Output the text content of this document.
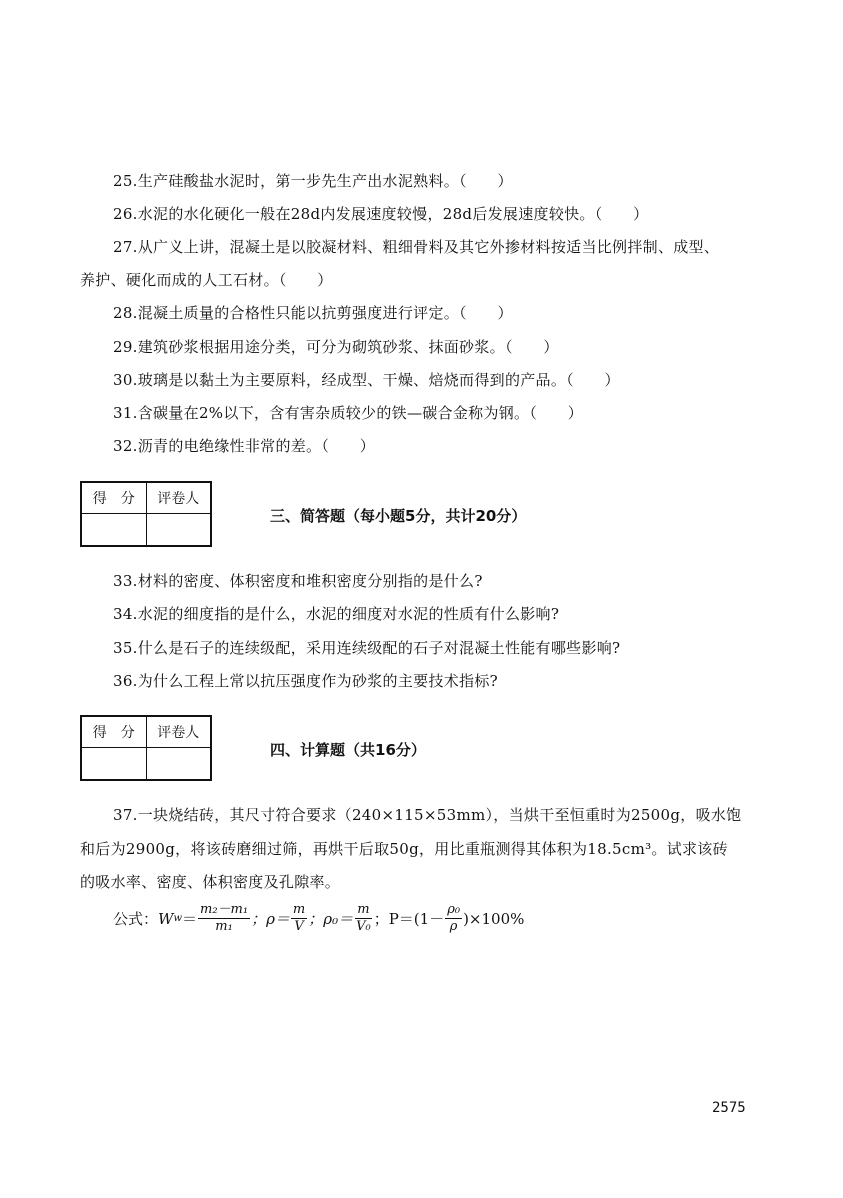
25.生产硅酸盐水泥时，第一步先生产出水泥熟料。（　　）
26.水泥的水化硬化一般在28d内发展速度较慢，28d后发展速度较快。（　　）
27.从广义上讲，混凝土是以胶凝材料、粗细骨料及其它外掺材料按适当比例拌制、成型、
养护、硬化而成的人工石材。（　　）
28.混凝土质量的合格性只能以抗剪强度进行评定。（　　）
29.建筑砂浆根据用途分类，可分为砌筑砂浆、抹面砂浆。（　　）
30.玻璃是以黏土为主要原料，经成型、干燥、焙烧而得到的产品。（　　）
31.含碳量在2%以下，含有害杂质较少的铁—碳合金称为钢。（　　）
32.沥青的电绝缘性非常的差。（　　）
得　分	评卷人

三、简答题（每小题5分，共计20分）
33.材料的密度、体积密度和堆积密度分别指的是什么?
34.水泥的细度指的是什么，水泥的细度对水泥的性质有什么影响?
35.什么是石子的连续级配，采用连续级配的石子对混凝土性能有哪些影响?
36.为什么工程上常以抗压强度作为砂浆的主要技术指标?
得　分	评卷人

四、计算题（共16分）
37.一块烧结砖，其尺寸符合要求（240×115×53mm），当烘干至恒重时为2500g，吸水饱
和后为2900g，将该砖磨细过筛，再烘干后取50g，用比重瓶测得其体积为18.5cm³。试求该砖
的吸水率、密度、体积密度及孔隙率。
公式： W $w = \frac{\text{m₂－m₁}}{\text{m₁}}$ ；$\rho= \frac{m}{V}$ ；$\rho_0= \frac{m}{\text{V₀}}$ ；$P=(1- \frac{\text{ρ₀}}{\rho} )\times 100\%$
2575
